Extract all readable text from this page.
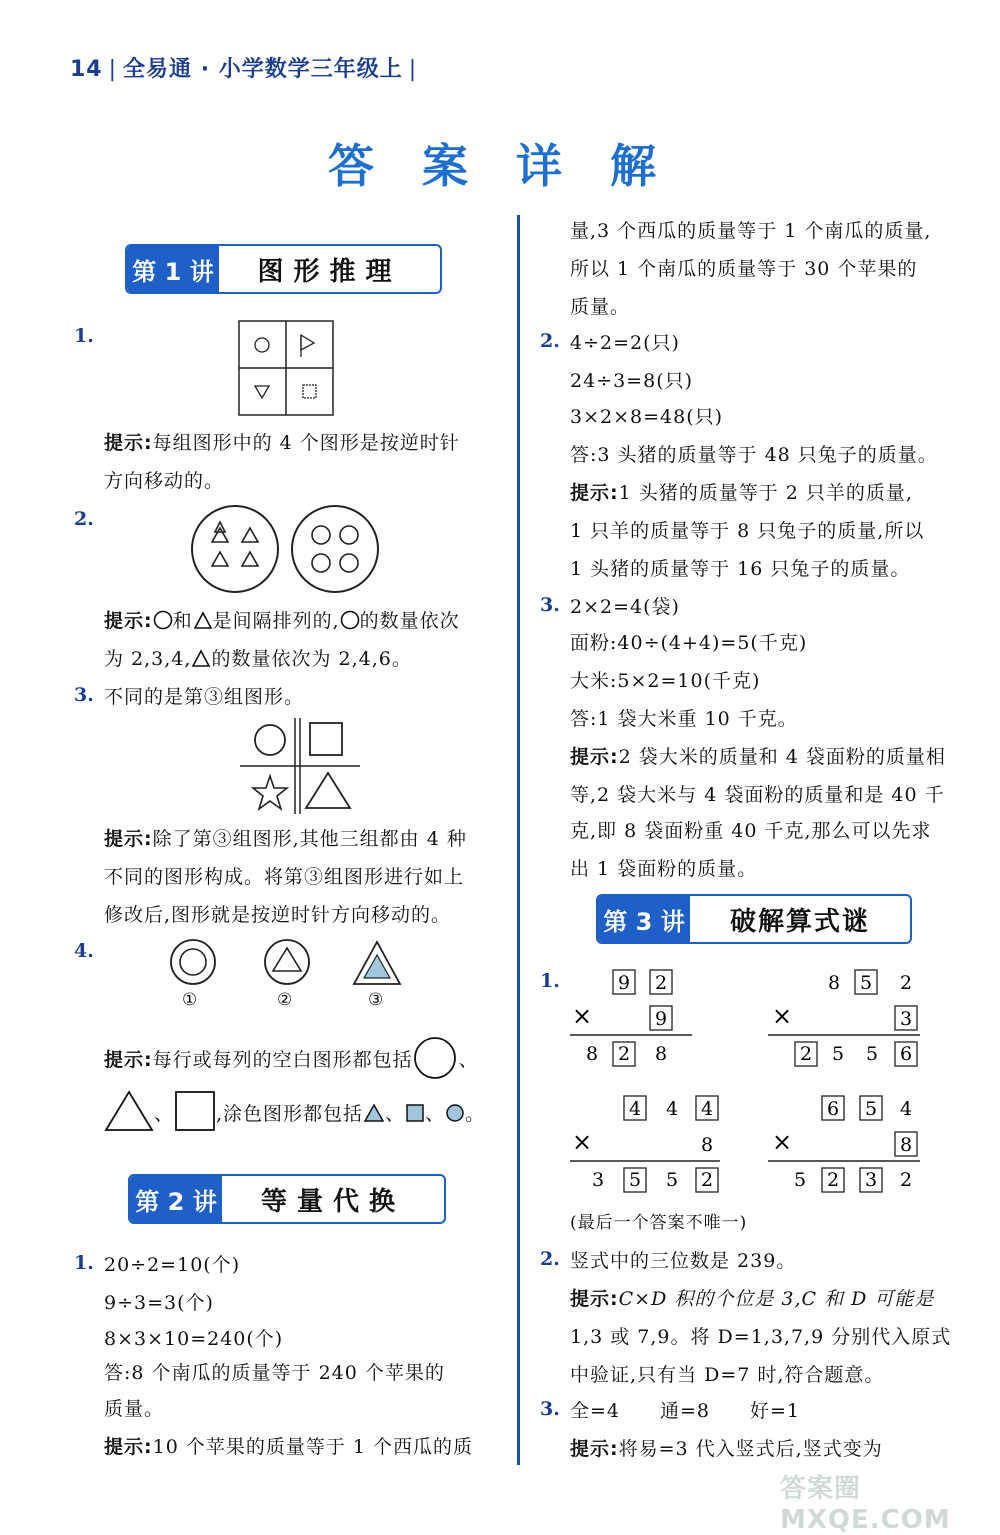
14 | 全易通 · 小学数学三年级上 |
答 案 详 解
第 1 讲	图形推理
1.
提示:每组图形中的 4 个图形是按逆时针
方向移动的。
2.
提示: 和 是间隔排列的, 的数量依次
为 2,3,4, 的数量依次为 2,4,6。
3. 不同的是第③组图形。
提示:除了第③组图形,其他三组都由 4 种
不同的图形构成。将第③组图形进行如上
修改后,图形就是按逆时针方向移动的。
4.
①	②	③
提示:每行或每列的空白图形都包括 、
、 ,涂色图形都包括 、 、 。
第 2 讲	等量代换
1. 20÷2=10(个)
9÷3=3(个)
8×3×10=240(个)
答:8 个南瓜的质量等于 240 个苹果的
质量。
提示:10 个苹果的质量等于 1 个西瓜的质
量,3 个西瓜的质量等于 1 个南瓜的质量,
所以 1 个南瓜的质量等于 30 个苹果的
质量。
2. 4÷2=2(只)
24÷3=8(只)
3×2×8=48(只)
答:3 头猪的质量等于 48 只兔子的质量。
提示:1 头猪的质量等于 2 只羊的质量,
1 只羊的质量等于 8 只兔子的质量,所以
1 头猪的质量等于 16 只兔子的质量。
3. 2×2=4(袋)
面粉:40÷(4+4)=5(千克)
大米:5×2=10(千克)
答:1 袋大米重 10 千克。
提示:2 袋大米的质量和 4 袋面粉的质量相
等,2 袋大米与 4 袋面粉的质量和是 40 千
克,即 8 袋面粉重 40 千克,那么可以先求
出 1 袋面粉的质量。
第 3 讲	破解算式谜
1.	9 2
×	9
8 2 8
8 5 2
×	3
2 5 5 6
4 4 4
×	8
3 5 5 2
6 5 4
×	8
5 2 3 2
(最后一个答案不唯一)
2. 竖式中的三位数是 239。
提示:C×D 积的个位是 3,C 和 D 可能是
1,3 或 7,9。将 D=1,3,7,9 分别代入原式
中验证,只有当 D=7 时,符合题意。
3. 全=4　　通=8　　好=1
提示:将易=3 代入竖式后,竖式变为
答案圈 MXQE.COM
